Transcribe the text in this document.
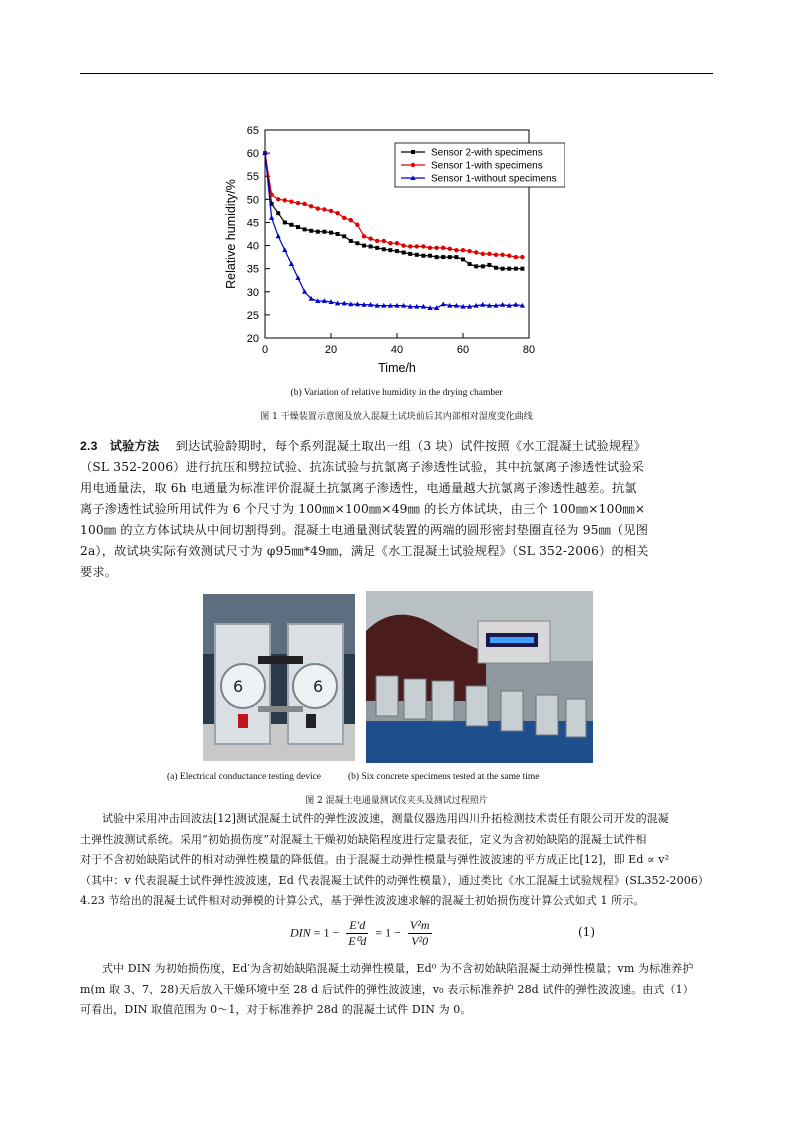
20
25
30
35
40
45
50
55
60
65
0	20	40	60	80
Time/h
Relative humidity/%
Sensor 2-with specimens
Sensor 1-with specimens
Sensor 1-without specimens
(b) Variation of relative humidity in the drying chamber
图 1 干燥装置示意图及放入混凝土试块前后其内部相对湿度变化曲线

2.3 试验方法 到达试验龄期时，每个系列混凝土取出一组（3 块）试件按照《水工混凝土试验规程》

（SL 352-2006）进行抗压和劈拉试验、抗冻试验与抗氯离子渗透性试验，其中抗氯离子渗透性试验采

用电通量法，取 6h 电通量为标准评价混凝土抗氯离子渗透性，电通量越大抗氯离子渗透性越差。抗氯

离子渗透性试验所用试件为 6 个尺寸为 100㎜×100㎜×49㎜ 的长方体试块，由三个 100㎜×100㎜×

100㎜ 的立方体试块从中间切割得到。混凝土电通量测试装置的两端的圆形密封垫圈直径为 95㎜（见图

2a），故试块实际有效测试尺寸为 φ95㎜*49㎜，满足《水工混凝土试验规程》（SL 352-2006）的相关

要求。

6	6
(a) Electrical conductance testing device	(b) Six concrete specimens tested at the same time
图 2 混凝土电通量测试仪夹头及测试过程照片

试验中采用冲击回波法[12]测试混凝土试件的弹性波波速，测量仪器选用四川升拓检测技术责任有限公司开发的混凝

土弹性波测试系统。采用“初始损伤度”对混凝土干燥初始缺陷程度进行定量表征，定义为含初始缺陷的混凝土试件相

对于不含初始缺陷试件的相对动弹性模量的降低值。由于混凝土动弹性模量与弹性波波速的平方成正比[12]，即 Ed ∝ v²

（其中：v 代表混凝土试件弹性波波速，Ed 代表混凝土试件的动弹性模量），通过类比《水工混凝土试验规程》(SL352-2006）

4.23 节给出的混凝土试件相对动弹模的计算公式，基于弹性波波速求解的混凝土初始损伤度计算公式如式 1 所示。

DIN = $1 - \frac{E'd}{\text{E⁰d}} = 1 - \frac{\text{V²m}}{\text{V²0}}$	(1)

式中 DIN 为初始损伤度，Ed′为含初始缺陷混凝土动弹性模量，Ed⁰ 为不含初始缺陷混凝土动弹性模量；vm 为标准养护

m(m 取 3、7、28)天后放入干燥环境中至 28 d 后试件的弹性波波速，v₀ 表示标准养护 28d 试件的弹性波波速。由式（1）

可看出，DIN 取值范围为 0～1，对于标准养护 28d 的混凝土试件 DIN 为 0。
